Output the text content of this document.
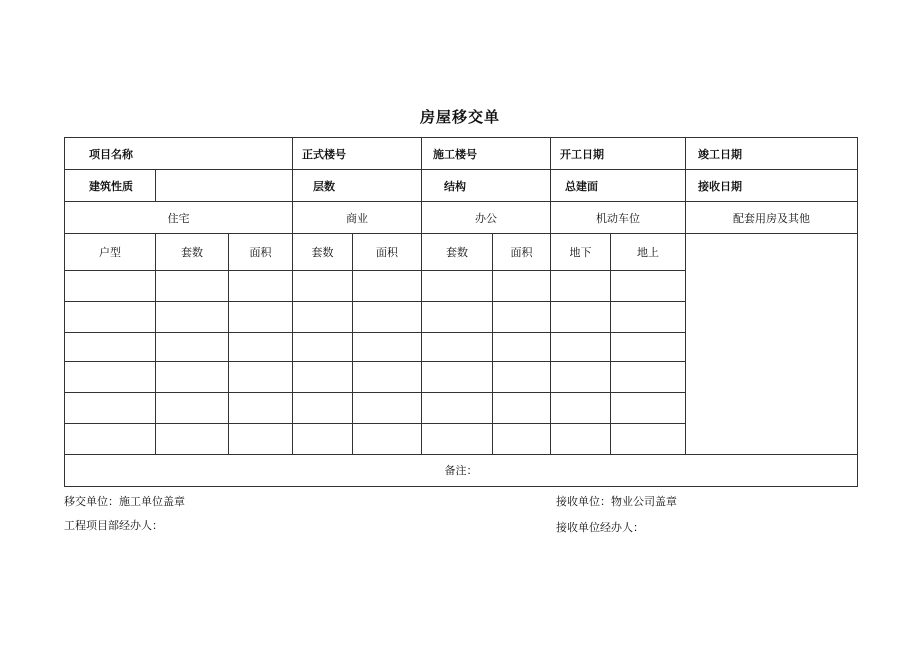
房屋移交单
项目名称			正式楼号		施工楼号		开工日期		竣工日期
建筑性质			层数		结构		总建面		接收日期
住宅			商业		办公		机动车位		配套用房及其他
户型	套数	面积	套数	面积	套数	面积	地下	地上	

备注：									
移交单位：施工单位盖章
工程项目部经办人：
接收单位：物业公司盖章
接收单位经办人：
